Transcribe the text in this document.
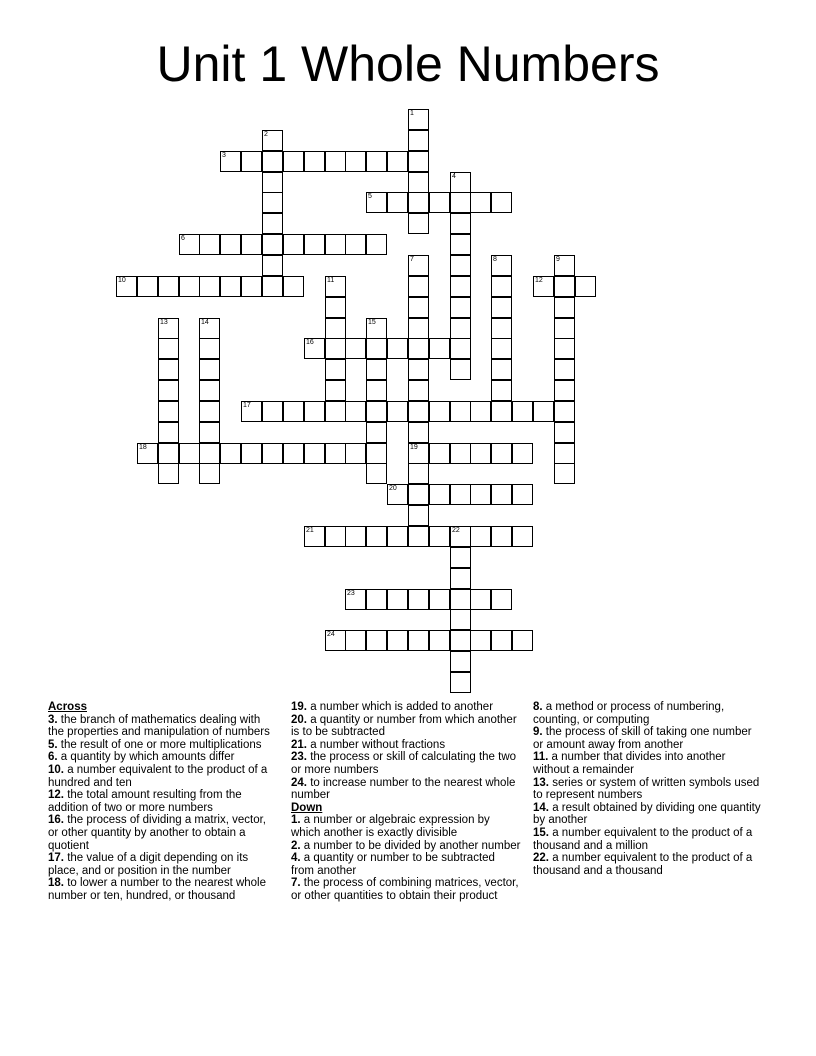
Unit 1 Whole Numbers
1
2
3
4
5
6
7
19
8	9
10	11	12
13	14	15
16
17
18
20
21	22
23
24
Across
3. the branch of mathematics dealing with the properties and manipulation of numbers
5. the result of one or more multiplications
6. a quantity by which amounts differ
10. a number equivalent to the product of a hundred and ten
12. the total amount resulting from the addition of two or more numbers
16. the process of dividing a matrix, vector, or other quantity by another to obtain a quotient
17. the value of a digit depending on its place, and or position in the number
18. to lower a number to the nearest whole number or ten, hundred, or thousand
19. a number which is added to another
20. a quantity or number from which another is to be subtracted
21. a number without fractions
23. the process or skill of calculating the two or more numbers
24. to increase number to the nearest whole number
Down
1. a number or algebraic expression by which another is exactly divisible
2. a number to be divided by another number
4. a quantity or number to be subtracted from another
7. the process of combining matrices, vector, or other quantities to obtain their product
8. a method or process of numbering, counting, or computing
9. the process of skill of taking one number or amount away from another
11. a number that divides into another without a remainder
13. series or system of written symbols used to represent numbers
14. a result obtained by dividing one quantity by another
15. a number equivalent to the product of a thousand and a million
22. a number equivalent to the product of a thousand and a thousand
